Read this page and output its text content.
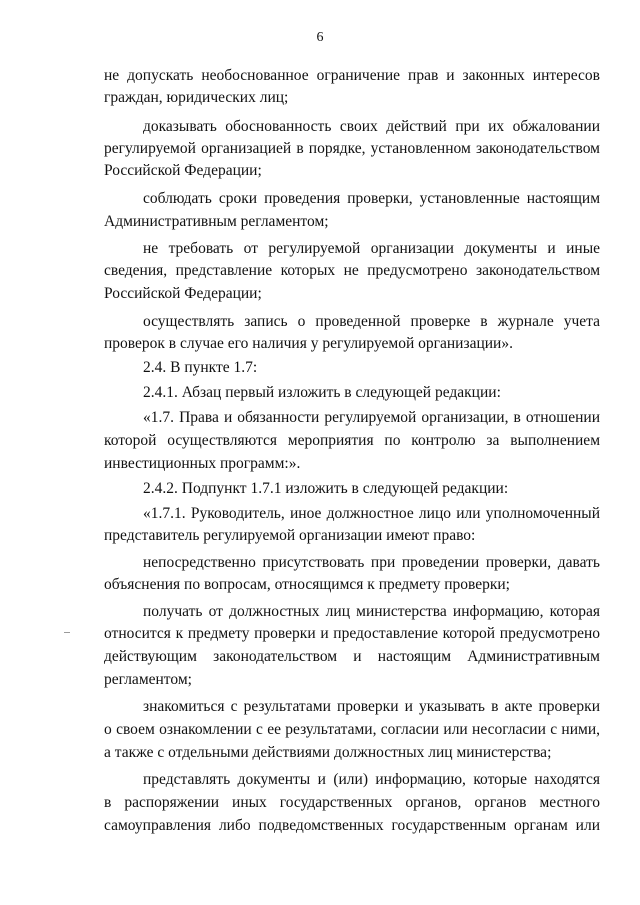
6
не допускать необоснованное ограничение прав и законных интересов
граждан, юридических лиц;
доказывать обоснованность своих действий при их обжаловании
регулируемой организацией в порядке, установленном законодательством
Российской Федерации;
соблюдать сроки проведения проверки, установленные настоящим
Административным регламентом;
не требовать от регулируемой организации документы и иные
сведения, представление которых не предусмотрено законодательством
Российской Федерации;
осуществлять запись о проведенной проверке в журнале учета
проверок в случае его наличия у регулируемой организации».
2.4. В пункте 1.7:
2.4.1. Абзац первый изложить в следующей редакции:
«1.7. Права и обязанности регулируемой организации, в отношении
которой осуществляются мероприятия по контролю за выполнением
инвестиционных программ:».
2.4.2. Подпункт 1.7.1 изложить в следующей редакции:
«1.7.1. Руководитель, иное должностное лицо или уполномоченный
представитель регулируемой организации имеют право:
непосредственно присутствовать при проведении проверки, давать
объяснения по вопросам, относящимся к предмету проверки;
получать от должностных лиц министерства информацию, которая
относится к предмету проверки и предоставление которой предусмотрено
действующим законодательством и настоящим Административным
регламентом;
знакомиться с результатами проверки и указывать в акте проверки
о своем ознакомлении с ее результатами, согласии или несогласии с ними,
а также с отдельными действиями должностных лиц министерства;
представлять документы и (или) информацию, которые находятся
в распоряжении иных государственных органов, органов местного
самоуправления либо подведомственных государственным органам или
